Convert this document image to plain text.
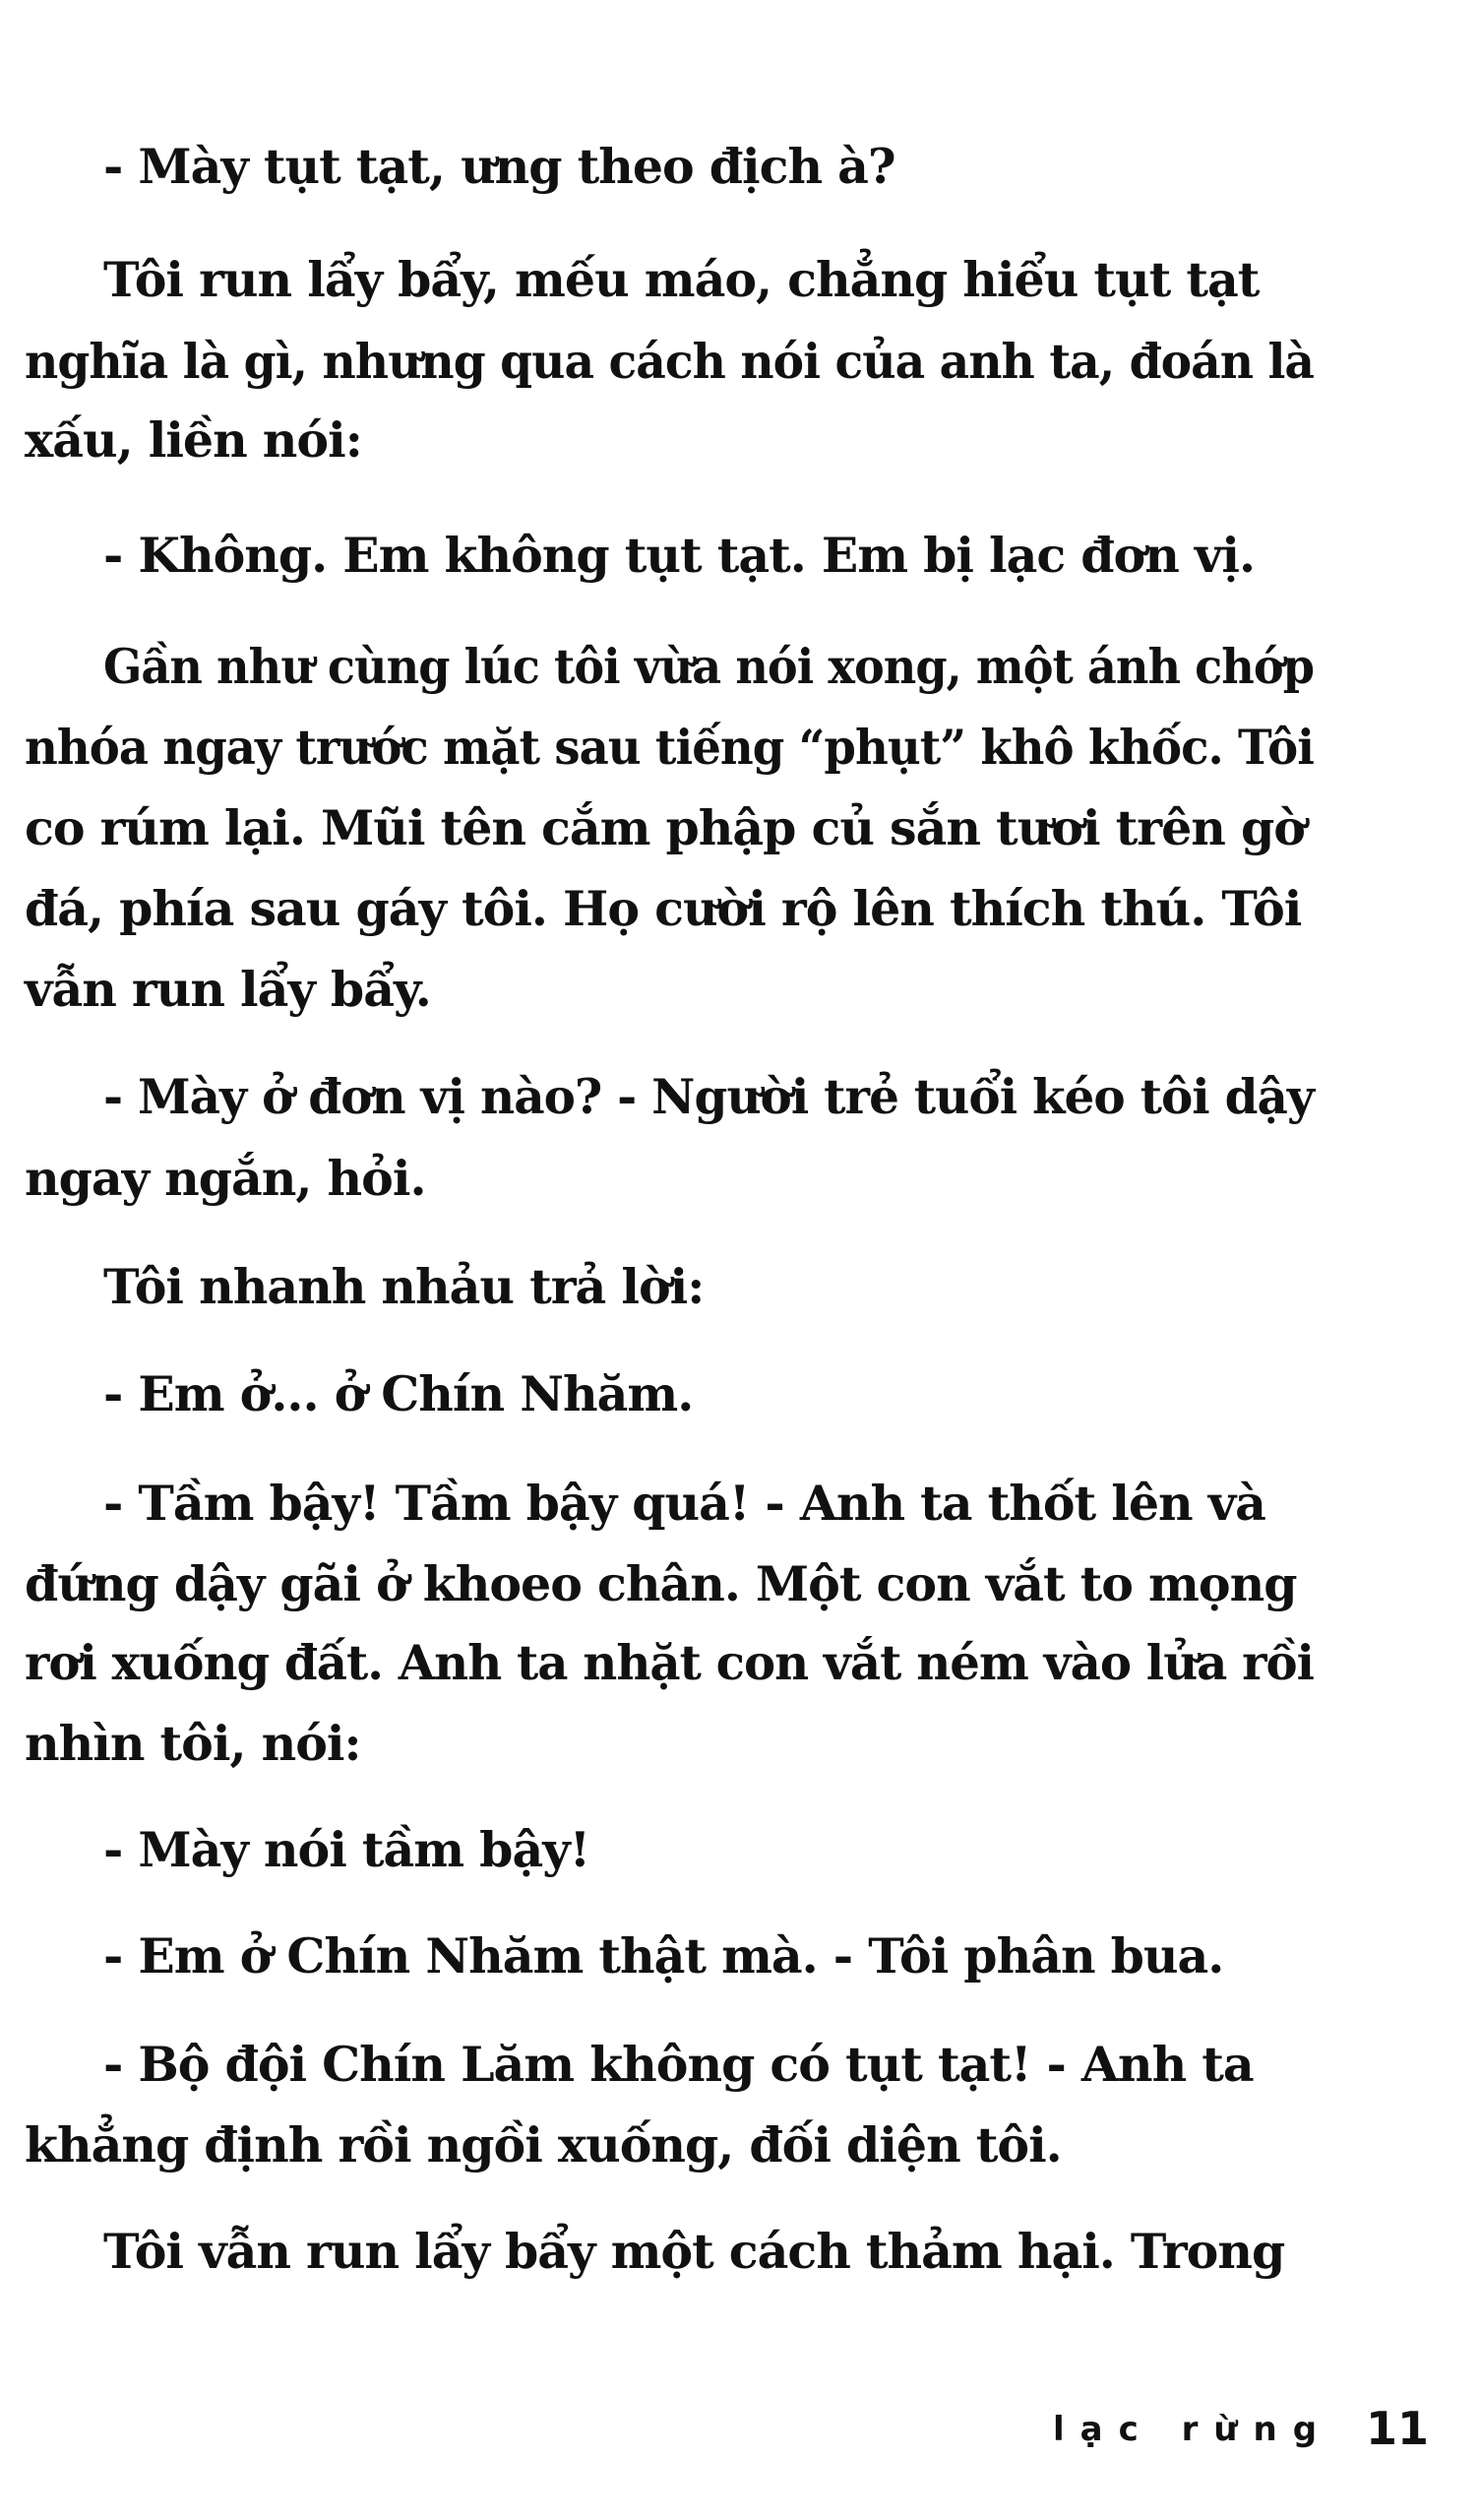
- Mày tụt tạt, ưng theo địch à?
Tôi run lẩy bẩy, mếu máo, chẳng hiểu tụt tạt
nghĩa là gì, nhưng qua cách nói của anh ta, đoán là
xấu, liền nói:
- Không. Em không tụt tạt. Em bị lạc đơn vị.
Gần như cùng lúc tôi vừa nói xong, một ánh chớp
nhóa ngay trước mặt sau tiếng “phụt” khô khốc. Tôi
co rúm lại. Mũi tên cắm phập củ sắn tươi trên gờ
đá, phía sau gáy tôi. Họ cười rộ lên thích thú. Tôi
vẫn run lẩy bẩy.
- Mày ở đơn vị nào? - Người trẻ tuổi kéo tôi dậy
ngay ngắn, hỏi.
Tôi nhanh nhảu trả lời:
- Em ở... ở Chín Nhăm.
- Tầm bậy! Tầm bậy quá! - Anh ta thốt lên và
đứng dậy gãi ở khoeo chân. Một con vắt to mọng
rơi xuống đất. Anh ta nhặt con vắt ném vào lửa rồi
nhìn tôi, nói:
- Mày nói tầm bậy!
- Em ở Chín Nhăm thật mà. - Tôi phân bua.
- Bộ đội Chín Lăm không có tụt tạt! - Anh ta
khẳng định rồi ngồi xuống, đối diện tôi.
Tôi vẫn run lẩy bẩy một cách thảm hại. Trong
lạc rừng 11
